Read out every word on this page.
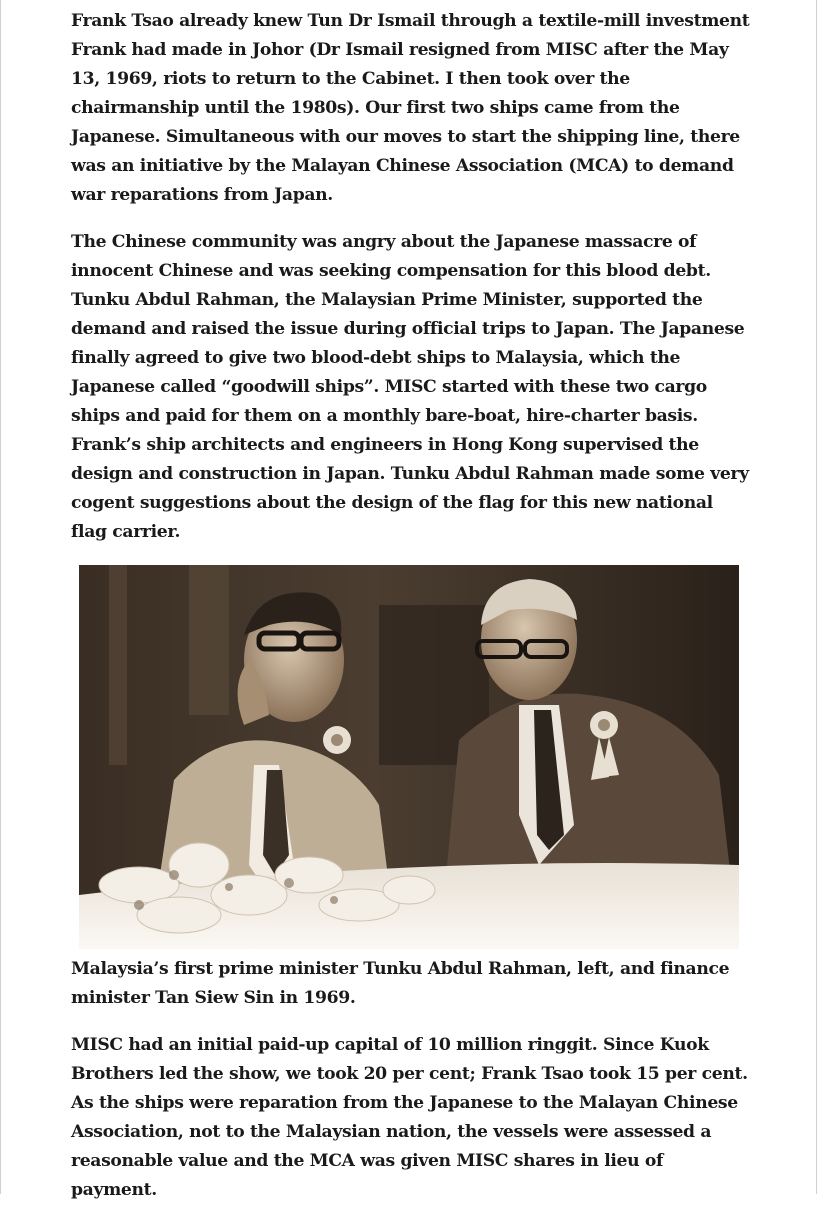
Frank Tsao already knew Tun Dr Ismail through a textile-mill investment Frank had made in Johor (Dr Ismail resigned from MISC after the May 13, 1969, riots to return to the Cabinet. I then took over the chairmanship until the 1980s). Our first two ships came from the Japanese. Simultaneous with our moves to start the shipping line, there was an initiative by the Malayan Chinese Association (MCA) to demand war reparations from Japan.

The Chinese community was angry about the Japanese massacre of innocent Chinese and was seeking compensation for this blood debt. Tunku Abdul Rahman, the Malaysian Prime Minister, supported the demand and raised the issue during official trips to Japan. The Japanese finally agreed to give two blood-debt ships to Malaysia, which the Japanese called “goodwill ships”. MISC started with these two cargo ships and paid for them on a monthly bare-boat, hire-charter basis. Frank’s ship architects and engineers in Hong Kong supervised the design and construction in Japan. Tunku Abdul Rahman made some very cogent suggestions about the design of the flag for this new national flag carrier.

Malaysia’s first prime minister Tunku Abdul Rahman, left, and finance minister Tan Siew Sin in 1969.

MISC had an initial paid-up capital of 10 million ringgit. Since Kuok Brothers led the show, we took 20 per cent; Frank Tsao took 15 per cent. As the ships were reparation from the Japanese to the Malayan Chinese Association, not to the Malaysian nation, the vessels were assessed a reasonable value and the MCA was given MISC shares in lieu of payment.
